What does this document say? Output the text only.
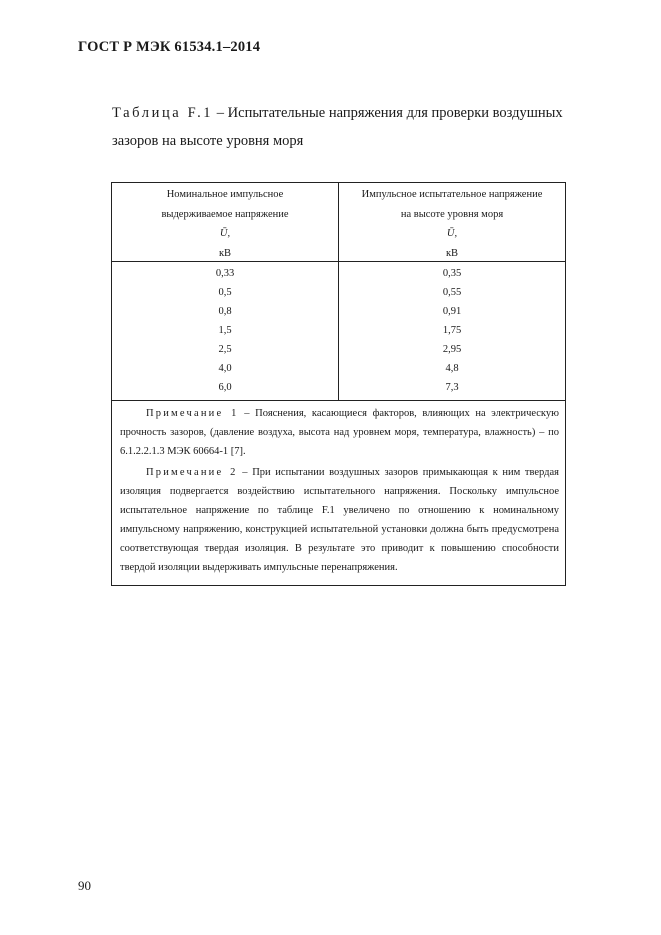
ГОСТ Р МЭК 61534.1–2014
Таблица F.1 – Испытательные напряжения для проверки воздушных зазоров на высоте уровня моря
Номинальное импульсное
выдерживаемое напряжение
Ū,
кВ
Импульсное испытательное напряжение
на высоте уровня моря
Ū,
кВ
0,33
0,5
0,8
1,5
2,5
4,0
6,0
0,35
0,55
0,91
1,75
2,95
4,8
7,3

Примечание 1 – Пояснения, касающиеся факторов, влияющих на электрическую прочность зазоров, (давление воздуха, высота над уровнем моря, температура, влажность) – по 6.1.2.2.1.3 МЭК 60664-1 [7].

Примечание 2 – При испытании воздушных зазоров примыкающая к ним твердая изоляция подвергается воздействию испытательного напряжения. Поскольку импульсное испытательное напряжение по таблице F.1 увеличено по отношению к номинальному импульсному напряжению, конструкцией испытательной установки должна быть предусмотрена соответствующая твердая изоляция. В результате это приводит к повышению способности твердой изоляции выдерживать импульсные перенапряжения.

90
